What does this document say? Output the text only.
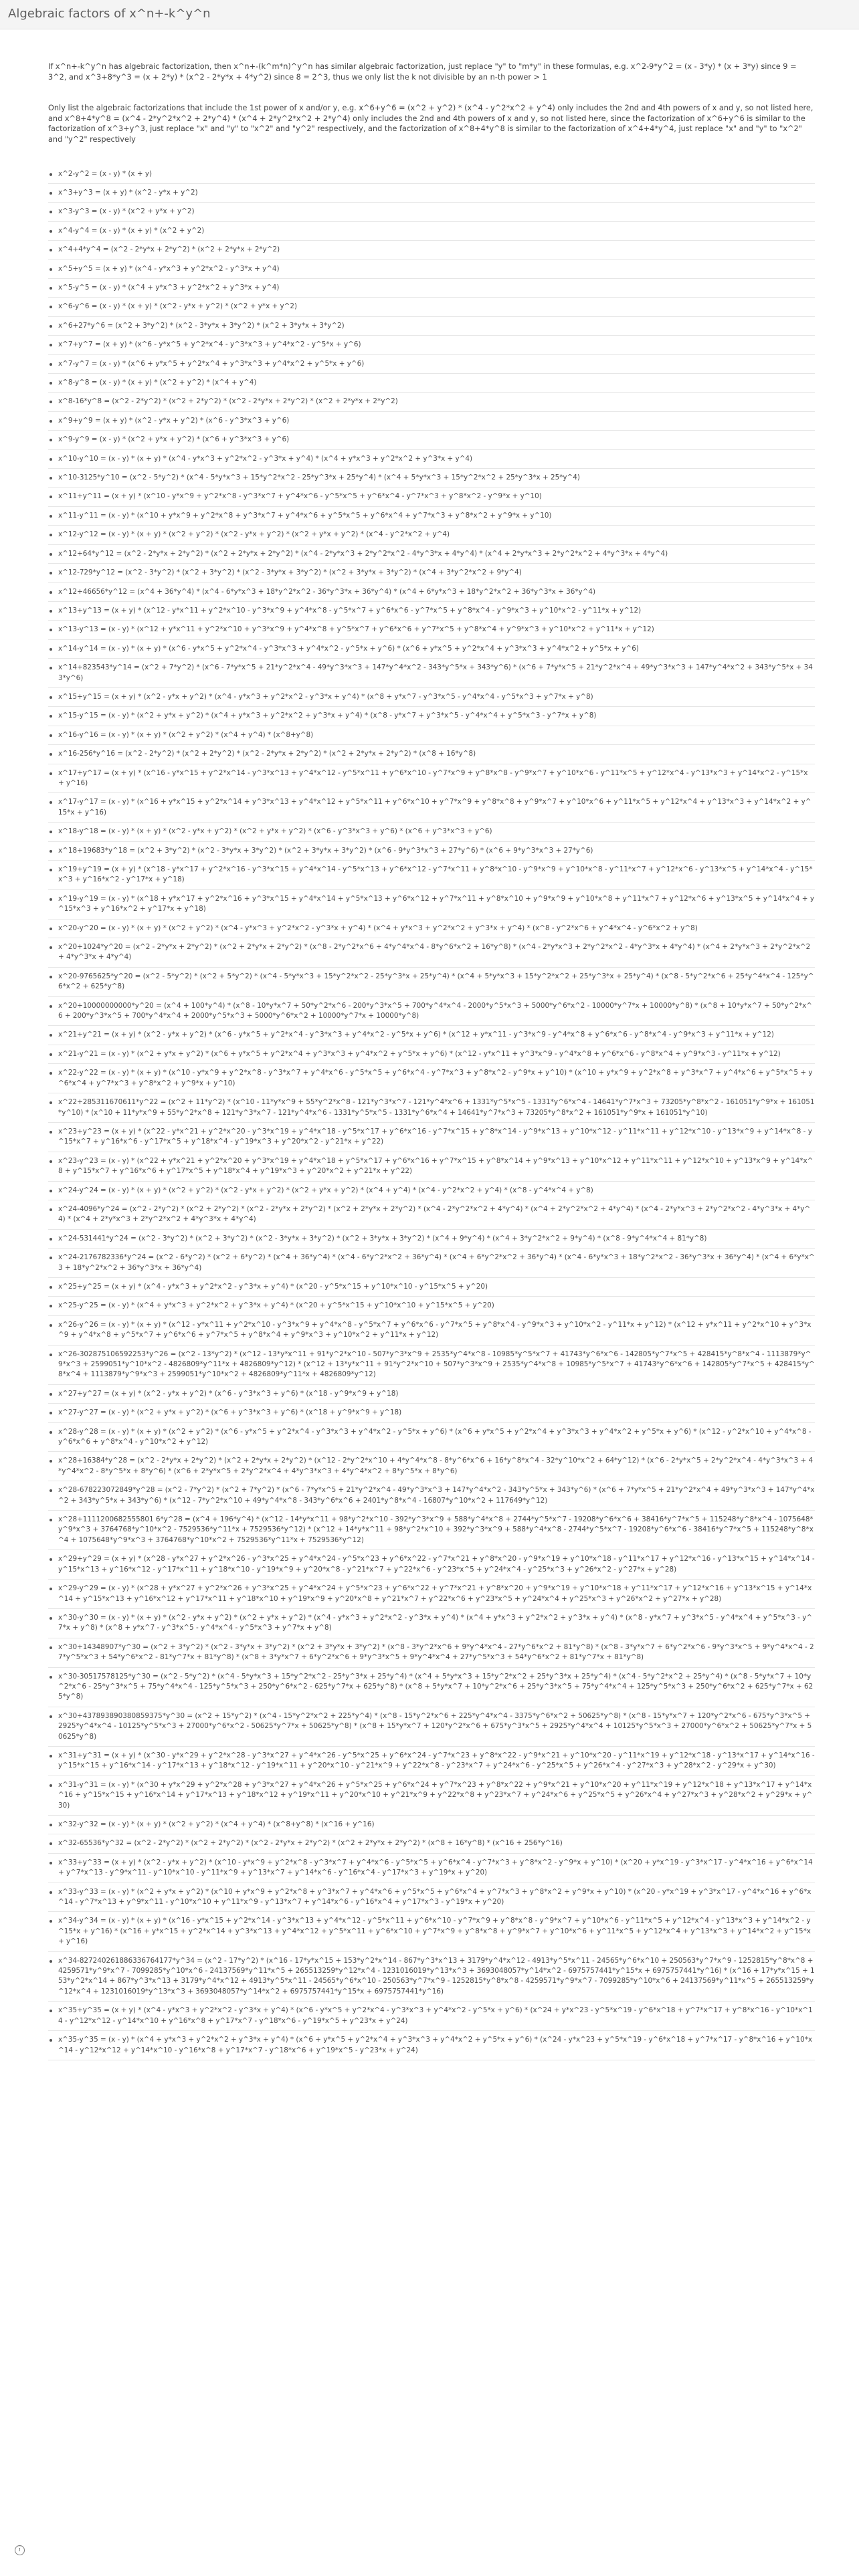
Algebraic factors of x^n+-k^y^n

If x^n+-k^y^n has algebraic factorization, then x^n+-(k^m*n)^y^n has similar algebraic factorization, just replace "y" to "m*y" in these formulas, e.g. x^2-9*y^2 = (x - 3*y) * (x + 3*y) since 9 = 3^2, and x^3+8*y^3 = (x + 2*y) * (x^2 - 2*y*x + 4*y^2) since 8 = 2^3, thus we only list the k not divisible by an n-th power > 1

Only list the algebraic factorizations that include the 1st power of x and/or y, e.g. x^6+y^6 = (x^2 + y^2) * (x^4 - y^2*x^2 + y^4) only includes the 2nd and 4th powers of x and y, so not listed here, and x^8+4*y^8 = (x^4 - 2*y^2*x^2 + 2*y^4) * (x^4 + 2*y^2*x^2 + 2*y^4) only includes the 2nd and 4th powers of x and y, so not listed here, since the factorization of x^6+y^6 is similar to the factorization of x^3+y^3, just replace "x" and "y" to "x^2" and "y^2" respectively, and the factorization of x^8+4*y^8 is similar to the factorization of x^4+4*y^4, just replace "x" and "y" to "x^2" and "y^2" respectively

x^2-y^2 = (x - y) * (x + y)
x^3+y^3 = (x + y) * (x^2 - y*x + y^2)
x^3-y^3 = (x - y) * (x^2 + y*x + y^2)
x^4-y^4 = (x - y) * (x + y) * (x^2 + y^2)
x^4+4*y^4 = (x^2 - 2*y*x + 2*y^2) * (x^2 + 2*y*x + 2*y^2)
x^5+y^5 = (x + y) * (x^4 - y*x^3 + y^2*x^2 - y^3*x + y^4)
x^5-y^5 = (x - y) * (x^4 + y*x^3 + y^2*x^2 + y^3*x + y^4)
x^6-y^6 = (x - y) * (x + y) * (x^2 - y*x + y^2) * (x^2 + y*x + y^2)
x^6+27*y^6 = (x^2 + 3*y^2) * (x^2 - 3*y*x + 3*y^2) * (x^2 + 3*y*x + 3*y^2)
x^7+y^7 = (x + y) * (x^6 - y*x^5 + y^2*x^4 - y^3*x^3 + y^4*x^2 - y^5*x + y^6)
x^7-y^7 = (x - y) * (x^6 + y*x^5 + y^2*x^4 + y^3*x^3 + y^4*x^2 + y^5*x + y^6)
x^8-y^8 = (x - y) * (x + y) * (x^2 + y^2) * (x^4 + y^4)
x^8-16*y^8 = (x^2 - 2*y^2) * (x^2 + 2*y^2) * (x^2 - 2*y*x + 2*y^2) * (x^2 + 2*y*x + 2*y^2)
x^9+y^9 = (x + y) * (x^2 - y*x + y^2) * (x^6 - y^3*x^3 + y^6)
x^9-y^9 = (x - y) * (x^2 + y*x + y^2) * (x^6 + y^3*x^3 + y^6)
x^10-y^10 = (x - y) * (x + y) * (x^4 - y*x^3 + y^2*x^2 - y^3*x + y^4) * (x^4 + y*x^3 + y^2*x^2 + y^3*x + y^4)
x^10-3125*y^10 = (x^2 - 5*y^2) * (x^4 - 5*y*x^3 + 15*y^2*x^2 - 25*y^3*x + 25*y^4) * (x^4 + 5*y*x^3 + 15*y^2*x^2 + 25*y^3*x + 25*y^4)
x^11+y^11 = (x + y) * (x^10 - y*x^9 + y^2*x^8 - y^3*x^7 + y^4*x^6 - y^5*x^5 + y^6*x^4 - y^7*x^3 + y^8*x^2 - y^9*x + y^10)
x^11-y^11 = (x - y) * (x^10 + y*x^9 + y^2*x^8 + y^3*x^7 + y^4*x^6 + y^5*x^5 + y^6*x^4 + y^7*x^3 + y^8*x^2 + y^9*x + y^10)
x^12-y^12 = (x - y) * (x + y) * (x^2 + y^2) * (x^2 - y*x + y^2) * (x^2 + y*x + y^2) * (x^4 - y^2*x^2 + y^4)
x^12+64*y^12 = (x^2 - 2*y*x + 2*y^2) * (x^2 + 2*y*x + 2*y^2) * (x^4 - 2*y*x^3 + 2*y^2*x^2 - 4*y^3*x + 4*y^4) * (x^4 + 2*y*x^3 + 2*y^2*x^2 + 4*y^3*x + 4*y^4)
x^12-729*y^12 = (x^2 - 3*y^2) * (x^2 + 3*y^2) * (x^2 - 3*y*x + 3*y^2) * (x^2 + 3*y*x + 3*y^2) * (x^4 + 3*y^2*x^2 + 9*y^4)
x^12+46656*y^12 = (x^4 + 36*y^4) * (x^4 - 6*y*x^3 + 18*y^2*x^2 - 36*y^3*x + 36*y^4) * (x^4 + 6*y*x^3 + 18*y^2*x^2 + 36*y^3*x + 36*y^4)
x^13+y^13 = (x + y) * (x^12 - y*x^11 + y^2*x^10 - y^3*x^9 + y^4*x^8 - y^5*x^7 + y^6*x^6 - y^7*x^5 + y^8*x^4 - y^9*x^3 + y^10*x^2 - y^11*x + y^12)
x^13-y^13 = (x - y) * (x^12 + y*x^11 + y^2*x^10 + y^3*x^9 + y^4*x^8 + y^5*x^7 + y^6*x^6 + y^7*x^5 + y^8*x^4 + y^9*x^3 + y^10*x^2 + y^11*x + y^12)
x^14-y^14 = (x - y) * (x + y) * (x^6 - y*x^5 + y^2*x^4 - y^3*x^3 + y^4*x^2 - y^5*x + y^6) * (x^6 + y*x^5 + y^2*x^4 + y^3*x^3 + y^4*x^2 + y^5*x + y^6)
x^14+823543*y^14 = (x^2 + 7*y^2) * (x^6 - 7*y*x^5 + 21*y^2*x^4 - 49*y^3*x^3 + 147*y^4*x^2 - 343*y^5*x + 343*y^6) * (x^6 + 7*y*x^5 + 21*y^2*x^4 + 49*y^3*x^3 + 147*y^4*x^2 + 343*y^5*x + 343*y^6)
x^15+y^15 = (x + y) * (x^2 - y*x + y^2) * (x^4 - y*x^3 + y^2*x^2 - y^3*x + y^4) * (x^8 + y*x^7 - y^3*x^5 - y^4*x^4 - y^5*x^3 + y^7*x + y^8)
x^15-y^15 = (x - y) * (x^2 + y*x + y^2) * (x^4 + y*x^3 + y^2*x^2 + y^3*x + y^4) * (x^8 - y*x^7 + y^3*x^5 - y^4*x^4 + y^5*x^3 - y^7*x + y^8)
x^16-y^16 = (x - y) * (x + y) * (x^2 + y^2) * (x^4 + y^4) * (x^8+y^8)
x^16-256*y^16 = (x^2 - 2*y^2) * (x^2 + 2*y^2) * (x^2 - 2*y*x + 2*y^2) * (x^2 + 2*y*x + 2*y^2) * (x^8 + 16*y^8)
x^17+y^17 = (x + y) * (x^16 - y*x^15 + y^2*x^14 - y^3*x^13 + y^4*x^12 - y^5*x^11 + y^6*x^10 - y^7*x^9 + y^8*x^8 - y^9*x^7 + y^10*x^6 - y^11*x^5 + y^12*x^4 - y^13*x^3 + y^14*x^2 - y^15*x + y^16)
x^17-y^17 = (x - y) * (x^16 + y*x^15 + y^2*x^14 + y^3*x^13 + y^4*x^12 + y^5*x^11 + y^6*x^10 + y^7*x^9 + y^8*x^8 + y^9*x^7 + y^10*x^6 + y^11*x^5 + y^12*x^4 + y^13*x^3 + y^14*x^2 + y^15*x + y^16)
x^18-y^18 = (x - y) * (x + y) * (x^2 - y*x + y^2) * (x^2 + y*x + y^2) * (x^6 - y^3*x^3 + y^6) * (x^6 + y^3*x^3 + y^6)
x^18+19683*y^18 = (x^2 + 3*y^2) * (x^2 - 3*y*x + 3*y^2) * (x^2 + 3*y*x + 3*y^2) * (x^6 - 9*y^3*x^3 + 27*y^6) * (x^6 + 9*y^3*x^3 + 27*y^6)
x^19+y^19 = (x + y) * (x^18 - y*x^17 + y^2*x^16 - y^3*x^15 + y^4*x^14 - y^5*x^13 + y^6*x^12 - y^7*x^11 + y^8*x^10 - y^9*x^9 + y^10*x^8 - y^11*x^7 + y^12*x^6 - y^13*x^5 + y^14*x^4 - y^15*x^3 + y^16*x^2 - y^17*x + y^18)
x^19-y^19 = (x - y) * (x^18 + y*x^17 + y^2*x^16 + y^3*x^15 + y^4*x^14 + y^5*x^13 + y^6*x^12 + y^7*x^11 + y^8*x^10 + y^9*x^9 + y^10*x^8 + y^11*x^7 + y^12*x^6 + y^13*x^5 + y^14*x^4 + y^15*x^3 + y^16*x^2 + y^17*x + y^18)
x^20-y^20 = (x - y) * (x + y) * (x^2 + y^2) * (x^4 - y*x^3 + y^2*x^2 - y^3*x + y^4) * (x^4 + y*x^3 + y^2*x^2 + y^3*x + y^4) * (x^8 - y^2*x^6 + y^4*x^4 - y^6*x^2 + y^8)
x^20+1024*y^20 = (x^2 - 2*y*x + 2*y^2) * (x^2 + 2*y*x + 2*y^2) * (x^8 - 2*y^2*x^6 + 4*y^4*x^4 - 8*y^6*x^2 + 16*y^8) * (x^4 - 2*y*x^3 + 2*y^2*x^2 - 4*y^3*x + 4*y^4) * (x^4 + 2*y*x^3 + 2*y^2*x^2 + 4*y^3*x + 4*y^4)
x^20-9765625*y^20 = (x^2 - 5*y^2) * (x^2 + 5*y^2) * (x^4 - 5*y*x^3 + 15*y^2*x^2 - 25*y^3*x + 25*y^4) * (x^4 + 5*y*x^3 + 15*y^2*x^2 + 25*y^3*x + 25*y^4) * (x^8 - 5*y^2*x^6 + 25*y^4*x^4 - 125*y^6*x^2 + 625*y^8)
x^20+10000000000*y^20 = (x^4 + 100*y^4) * (x^8 - 10*y*x^7 + 50*y^2*x^6 - 200*y^3*x^5 + 700*y^4*x^4 - 2000*y^5*x^3 + 5000*y^6*x^2 - 10000*y^7*x + 10000*y^8) * (x^8 + 10*y*x^7 + 50*y^2*x^6 + 200*y^3*x^5 + 700*y^4*x^4 + 2000*y^5*x^3 + 5000*y^6*x^2 + 10000*y^7*x + 10000*y^8)
x^21+y^21 = (x + y) * (x^2 - y*x + y^2) * (x^6 - y*x^5 + y^2*x^4 - y^3*x^3 + y^4*x^2 - y^5*x + y^6) * (x^12 + y*x^11 - y^3*x^9 - y^4*x^8 + y^6*x^6 - y^8*x^4 - y^9*x^3 + y^11*x + y^12)
x^21-y^21 = (x - y) * (x^2 + y*x + y^2) * (x^6 + y*x^5 + y^2*x^4 + y^3*x^3 + y^4*x^2 + y^5*x + y^6) * (x^12 - y*x^11 + y^3*x^9 - y^4*x^8 + y^6*x^6 - y^8*x^4 + y^9*x^3 - y^11*x + y^12)
x^22-y^22 = (x - y) * (x + y) * (x^10 - y*x^9 + y^2*x^8 - y^3*x^7 + y^4*x^6 - y^5*x^5 + y^6*x^4 - y^7*x^3 + y^8*x^2 - y^9*x + y^10) * (x^10 + y*x^9 + y^2*x^8 + y^3*x^7 + y^4*x^6 + y^5*x^5 + y^6*x^4 + y^7*x^3 + y^8*x^2 + y^9*x + y^10)
x^22+285311670611*y^22 = (x^2 + 11*y^2) * (x^10 - 11*y*x^9 + 55*y^2*x^8 - 121*y^3*x^7 - 121*y^4*x^6 + 1331*y^5*x^5 - 1331*y^6*x^4 - 14641*y^7*x^3 + 73205*y^8*x^2 - 161051*y^9*x + 161051*y^10) * (x^10 + 11*y*x^9 + 55*y^2*x^8 + 121*y^3*x^7 - 121*y^4*x^6 - 1331*y^5*x^5 - 1331*y^6*x^4 + 14641*y^7*x^3 + 73205*y^8*x^2 + 161051*y^9*x + 161051*y^10)
x^23+y^23 = (x + y) * (x^22 - y*x^21 + y^2*x^20 - y^3*x^19 + y^4*x^18 - y^5*x^17 + y^6*x^16 - y^7*x^15 + y^8*x^14 - y^9*x^13 + y^10*x^12 - y^11*x^11 + y^12*x^10 - y^13*x^9 + y^14*x^8 - y^15*x^7 + y^16*x^6 - y^17*x^5 + y^18*x^4 - y^19*x^3 + y^20*x^2 - y^21*x + y^22)
x^23-y^23 = (x - y) * (x^22 + y*x^21 + y^2*x^20 + y^3*x^19 + y^4*x^18 + y^5*x^17 + y^6*x^16 + y^7*x^15 + y^8*x^14 + y^9*x^13 + y^10*x^12 + y^11*x^11 + y^12*x^10 + y^13*x^9 + y^14*x^8 + y^15*x^7 + y^16*x^6 + y^17*x^5 + y^18*x^4 + y^19*x^3 + y^20*x^2 + y^21*x + y^22)
x^24-y^24 = (x - y) * (x + y) * (x^2 + y^2) * (x^2 - y*x + y^2) * (x^2 + y*x + y^2) * (x^4 + y^4) * (x^4 - y^2*x^2 + y^4) * (x^8 - y^4*x^4 + y^8)
x^24-4096*y^24 = (x^2 - 2*y^2) * (x^2 + 2*y^2) * (x^2 - 2*y*x + 2*y^2) * (x^2 + 2*y*x + 2*y^2) * (x^4 - 2*y^2*x^2 + 4*y^4) * (x^4 + 2*y^2*x^2 + 4*y^4) * (x^4 - 2*y*x^3 + 2*y^2*x^2 - 4*y^3*x + 4*y^4) * (x^4 + 2*y*x^3 + 2*y^2*x^2 + 4*y^3*x + 4*y^4)
x^24-531441*y^24 = (x^2 - 3*y^2) * (x^2 + 3*y^2) * (x^2 - 3*y*x + 3*y^2) * (x^2 + 3*y*x + 3*y^2) * (x^4 + 9*y^4) * (x^4 + 3*y^2*x^2 + 9*y^4) * (x^8 - 9*y^4*x^4 + 81*y^8)
x^24-2176782336*y^24 = (x^2 - 6*y^2) * (x^2 + 6*y^2) * (x^4 + 36*y^4) * (x^4 - 6*y^2*x^2 + 36*y^4) * (x^4 + 6*y^2*x^2 + 36*y^4) * (x^4 - 6*y*x^3 + 18*y^2*x^2 - 36*y^3*x + 36*y^4) * (x^4 + 6*y*x^3 + 18*y^2*x^2 + 36*y^3*x + 36*y^4)
x^25+y^25 = (x + y) * (x^4 - y*x^3 + y^2*x^2 - y^3*x + y^4) * (x^20 - y^5*x^15 + y^10*x^10 - y^15*x^5 + y^20)
x^25-y^25 = (x - y) * (x^4 + y*x^3 + y^2*x^2 + y^3*x + y^4) * (x^20 + y^5*x^15 + y^10*x^10 + y^15*x^5 + y^20)
x^26-y^26 = (x - y) * (x + y) * (x^12 - y*x^11 + y^2*x^10 - y^3*x^9 + y^4*x^8 - y^5*x^7 + y^6*x^6 - y^7*x^5 + y^8*x^4 - y^9*x^3 + y^10*x^2 - y^11*x + y^12) * (x^12 + y*x^11 + y^2*x^10 + y^3*x^9 + y^4*x^8 + y^5*x^7 + y^6*x^6 + y^7*x^5 + y^8*x^4 + y^9*x^3 + y^10*x^2 + y^11*x + y^12)
x^26-302875106592253*y^26 = (x^2 - 13*y^2) * (x^12 - 13*y*x^11 + 91*y^2*x^10 - 507*y^3*x^9 + 2535*y^4*x^8 - 10985*y^5*x^7 + 41743*y^6*x^6 - 142805*y^7*x^5 + 428415*y^8*x^4 - 1113879*y^9*x^3 + 2599051*y^10*x^2 - 4826809*y^11*x + 4826809*y^12) * (x^12 + 13*y*x^11 + 91*y^2*x^10 + 507*y^3*x^9 + 2535*y^4*x^8 + 10985*y^5*x^7 + 41743*y^6*x^6 + 142805*y^7*x^5 + 428415*y^8*x^4 + 1113879*y^9*x^3 + 2599051*y^10*x^2 + 4826809*y^11*x + 4826809*y^12)
x^27+y^27 = (x + y) * (x^2 - y*x + y^2) * (x^6 - y^3*x^3 + y^6) * (x^18 - y^9*x^9 + y^18)
x^27-y^27 = (x - y) * (x^2 + y*x + y^2) * (x^6 + y^3*x^3 + y^6) * (x^18 + y^9*x^9 + y^18)
x^28-y^28 = (x - y) * (x + y) * (x^2 + y^2) * (x^6 - y*x^5 + y^2*x^4 - y^3*x^3 + y^4*x^2 - y^5*x + y^6) * (x^6 + y*x^5 + y^2*x^4 + y^3*x^3 + y^4*x^2 + y^5*x + y^6) * (x^12 - y^2*x^10 + y^4*x^8 - y^6*x^6 + y^8*x^4 - y^10*x^2 + y^12)
x^28+16384*y^28 = (x^2 - 2*y*x + 2*y^2) * (x^2 + 2*y*x + 2*y^2) * (x^12 - 2*y^2*x^10 + 4*y^4*x^8 - 8*y^6*x^6 + 16*y^8*x^4 - 32*y^10*x^2 + 64*y^12) * (x^6 - 2*y*x^5 + 2*y^2*x^4 - 4*y^3*x^3 + 4*y^4*x^2 - 8*y^5*x + 8*y^6) * (x^6 + 2*y*x^5 + 2*y^2*x^4 + 4*y^3*x^3 + 4*y^4*x^2 + 8*y^5*x + 8*y^6)
x^28-678223072849*y^28 = (x^2 - 7*y^2) * (x^2 + 7*y^2) * (x^6 - 7*y*x^5 + 21*y^2*x^4 - 49*y^3*x^3 + 147*y^4*x^2 - 343*y^5*x + 343*y^6) * (x^6 + 7*y*x^5 + 21*y^2*x^4 + 49*y^3*x^3 + 147*y^4*x^2 + 343*y^5*x + 343*y^6) * (x^12 - 7*y^2*x^10 + 49*y^4*x^8 - 343*y^6*x^6 + 2401*y^8*x^4 - 16807*y^10*x^2 + 117649*y^12)
x^28+1111200682555801 6*y^28 = (x^4 + 196*y^4) * (x^12 - 14*y*x^11 + 98*y^2*x^10 - 392*y^3*x^9 + 588*y^4*x^8 + 2744*y^5*x^7 - 19208*y^6*x^6 + 38416*y^7*x^5 + 115248*y^8*x^4 - 1075648*y^9*x^3 + 3764768*y^10*x^2 - 7529536*y^11*x + 7529536*y^12) * (x^12 + 14*y*x^11 + 98*y^2*x^10 + 392*y^3*x^9 + 588*y^4*x^8 - 2744*y^5*x^7 - 19208*y^6*x^6 - 38416*y^7*x^5 + 115248*y^8*x^4 + 1075648*y^9*x^3 + 3764768*y^10*x^2 + 7529536*y^11*x + 7529536*y^12)
x^29+y^29 = (x + y) * (x^28 - y*x^27 + y^2*x^26 - y^3*x^25 + y^4*x^24 - y^5*x^23 + y^6*x^22 - y^7*x^21 + y^8*x^20 - y^9*x^19 + y^10*x^18 - y^11*x^17 + y^12*x^16 - y^13*x^15 + y^14*x^14 - y^15*x^13 + y^16*x^12 - y^17*x^11 + y^18*x^10 - y^19*x^9 + y^20*x^8 - y^21*x^7 + y^22*x^6 - y^23*x^5 + y^24*x^4 - y^25*x^3 + y^26*x^2 - y^27*x + y^28)
x^29-y^29 = (x - y) * (x^28 + y*x^27 + y^2*x^26 + y^3*x^25 + y^4*x^24 + y^5*x^23 + y^6*x^22 + y^7*x^21 + y^8*x^20 + y^9*x^19 + y^10*x^18 + y^11*x^17 + y^12*x^16 + y^13*x^15 + y^14*x^14 + y^15*x^13 + y^16*x^12 + y^17*x^11 + y^18*x^10 + y^19*x^9 + y^20*x^8 + y^21*x^7 + y^22*x^6 + y^23*x^5 + y^24*x^4 + y^25*x^3 + y^26*x^2 + y^27*x + y^28)
x^30-y^30 = (x - y) * (x + y) * (x^2 - y*x + y^2) * (x^2 + y*x + y^2) * (x^4 - y*x^3 + y^2*x^2 - y^3*x + y^4) * (x^4 + y*x^3 + y^2*x^2 + y^3*x + y^4) * (x^8 - y*x^7 + y^3*x^5 - y^4*x^4 + y^5*x^3 - y^7*x + y^8) * (x^8 + y*x^7 - y^3*x^5 - y^4*x^4 - y^5*x^3 + y^7*x + y^8)
x^30+14348907*y^30 = (x^2 + 3*y^2) * (x^2 - 3*y*x + 3*y^2) * (x^2 + 3*y*x + 3*y^2) * (x^8 - 3*y^2*x^6 + 9*y^4*x^4 - 27*y^6*x^2 + 81*y^8) * (x^8 - 3*y*x^7 + 6*y^2*x^6 - 9*y^3*x^5 + 9*y^4*x^4 - 27*y^5*x^3 + 54*y^6*x^2 - 81*y^7*x + 81*y^8) * (x^8 + 3*y*x^7 + 6*y^2*x^6 + 9*y^3*x^5 + 9*y^4*x^4 + 27*y^5*x^3 + 54*y^6*x^2 + 81*y^7*x + 81*y^8)
x^30-30517578125*y^30 = (x^2 - 5*y^2) * (x^4 - 5*y*x^3 + 15*y^2*x^2 - 25*y^3*x + 25*y^4) * (x^4 + 5*y*x^3 + 15*y^2*x^2 + 25*y^3*x + 25*y^4) * (x^4 - 5*y^2*x^2 + 25*y^4) * (x^8 - 5*y*x^7 + 10*y^2*x^6 - 25*y^3*x^5 + 75*y^4*x^4 - 125*y^5*x^3 + 250*y^6*x^2 - 625*y^7*x + 625*y^8) * (x^8 + 5*y*x^7 + 10*y^2*x^6 + 25*y^3*x^5 + 75*y^4*x^4 + 125*y^5*x^3 + 250*y^6*x^2 + 625*y^7*x + 625*y^8)
x^30+437893890380859375*y^30 = (x^2 + 15*y^2) * (x^4 - 15*y^2*x^2 + 225*y^4) * (x^8 - 15*y^2*x^6 + 225*y^4*x^4 - 3375*y^6*x^2 + 50625*y^8) * (x^8 - 15*y*x^7 + 120*y^2*x^6 - 675*y^3*x^5 + 2925*y^4*x^4 - 10125*y^5*x^3 + 27000*y^6*x^2 - 50625*y^7*x + 50625*y^8) * (x^8 + 15*y*x^7 + 120*y^2*x^6 + 675*y^3*x^5 + 2925*y^4*x^4 + 10125*y^5*x^3 + 27000*y^6*x^2 + 50625*y^7*x + 50625*y^8)
x^31+y^31 = (x + y) * (x^30 - y*x^29 + y^2*x^28 - y^3*x^27 + y^4*x^26 - y^5*x^25 + y^6*x^24 - y^7*x^23 + y^8*x^22 - y^9*x^21 + y^10*x^20 - y^11*x^19 + y^12*x^18 - y^13*x^17 + y^14*x^16 - y^15*x^15 + y^16*x^14 - y^17*x^13 + y^18*x^12 - y^19*x^11 + y^20*x^10 - y^21*x^9 + y^22*x^8 - y^23*x^7 + y^24*x^6 - y^25*x^5 + y^26*x^4 - y^27*x^3 + y^28*x^2 - y^29*x + y^30)
x^31-y^31 = (x - y) * (x^30 + y*x^29 + y^2*x^28 + y^3*x^27 + y^4*x^26 + y^5*x^25 + y^6*x^24 + y^7*x^23 + y^8*x^22 + y^9*x^21 + y^10*x^20 + y^11*x^19 + y^12*x^18 + y^13*x^17 + y^14*x^16 + y^15*x^15 + y^16*x^14 + y^17*x^13 + y^18*x^12 + y^19*x^11 + y^20*x^10 + y^21*x^9 + y^22*x^8 + y^23*x^7 + y^24*x^6 + y^25*x^5 + y^26*x^4 + y^27*x^3 + y^28*x^2 + y^29*x + y^30)
x^32-y^32 = (x - y) * (x + y) * (x^2 + y^2) * (x^4 + y^4) * (x^8+y^8) * (x^16 + y^16)
x^32-65536*y^32 = (x^2 - 2*y^2) * (x^2 + 2*y^2) * (x^2 - 2*y*x + 2*y^2) * (x^2 + 2*y*x + 2*y^2) * (x^8 + 16*y^8) * (x^16 + 256*y^16)
x^33+y^33 = (x + y) * (x^2 - y*x + y^2) * (x^10 - y*x^9 + y^2*x^8 - y^3*x^7 + y^4*x^6 - y^5*x^5 + y^6*x^4 - y^7*x^3 + y^8*x^2 - y^9*x + y^10) * (x^20 + y*x^19 - y^3*x^17 - y^4*x^16 + y^6*x^14 + y^7*x^13 - y^9*x^11 - y^10*x^10 - y^11*x^9 + y^13*x^7 + y^14*x^6 - y^16*x^4 - y^17*x^3 + y^19*x + y^20)
x^33-y^33 = (x - y) * (x^2 + y*x + y^2) * (x^10 + y*x^9 + y^2*x^8 + y^3*x^7 + y^4*x^6 + y^5*x^5 + y^6*x^4 + y^7*x^3 + y^8*x^2 + y^9*x + y^10) * (x^20 - y*x^19 + y^3*x^17 - y^4*x^16 + y^6*x^14 - y^7*x^13 + y^9*x^11 - y^10*x^10 + y^11*x^9 - y^13*x^7 + y^14*x^6 - y^16*x^4 + y^17*x^3 - y^19*x + y^20)
x^34-y^34 = (x - y) * (x + y) * (x^16 - y*x^15 + y^2*x^14 - y^3*x^13 + y^4*x^12 - y^5*x^11 + y^6*x^10 - y^7*x^9 + y^8*x^8 - y^9*x^7 + y^10*x^6 - y^11*x^5 + y^12*x^4 - y^13*x^3 + y^14*x^2 - y^15*x + y^16) * (x^16 + y*x^15 + y^2*x^14 + y^3*x^13 + y^4*x^12 + y^5*x^11 + y^6*x^10 + y^7*x^9 + y^8*x^8 + y^9*x^7 + y^10*x^6 + y^11*x^5 + y^12*x^4 + y^13*x^3 + y^14*x^2 + y^15*x + y^16)
x^34-827240261886336764177*y^34 = (x^2 - 17*y^2) * (x^16 - 17*y*x^15 + 153*y^2*x^14 - 867*y^3*x^13 + 3179*y^4*x^12 - 4913*y^5*x^11 - 24565*y^6*x^10 + 250563*y^7*x^9 - 1252815*y^8*x^8 + 4259571*y^9*x^7 - 7099285*y^10*x^6 - 24137569*y^11*x^5 + 265513259*y^12*x^4 - 1231016019*y^13*x^3 + 3693048057*y^14*x^2 - 6975757441*y^15*x + 6975757441*y^16) * (x^16 + 17*y*x^15 + 153*y^2*x^14 + 867*y^3*x^13 + 3179*y^4*x^12 + 4913*y^5*x^11 - 24565*y^6*x^10 - 250563*y^7*x^9 - 1252815*y^8*x^8 - 4259571*y^9*x^7 - 7099285*y^10*x^6 + 24137569*y^11*x^5 + 265513259*y^12*x^4 + 1231016019*y^13*x^3 + 3693048057*y^14*x^2 + 6975757441*y^15*x + 6975757441*y^16)
x^35+y^35 = (x + y) * (x^4 - y*x^3 + y^2*x^2 - y^3*x + y^4) * (x^6 - y*x^5 + y^2*x^4 - y^3*x^3 + y^4*x^2 - y^5*x + y^6) * (x^24 + y*x^23 - y^5*x^19 - y^6*x^18 + y^7*x^17 + y^8*x^16 - y^10*x^14 - y^12*x^12 - y^14*x^10 + y^16*x^8 + y^17*x^7 - y^18*x^6 - y^19*x^5 + y^23*x + y^24)
x^35-y^35 = (x - y) * (x^4 + y*x^3 + y^2*x^2 + y^3*x + y^4) * (x^6 + y*x^5 + y^2*x^4 + y^3*x^3 + y^4*x^2 + y^5*x + y^6) * (x^24 - y*x^23 + y^5*x^19 - y^6*x^18 + y^7*x^17 - y^8*x^16 + y^10*x^14 - y^12*x^12 + y^14*x^10 - y^16*x^8 + y^17*x^7 - y^18*x^6 + y^19*x^5 - y^23*x + y^24)
i
